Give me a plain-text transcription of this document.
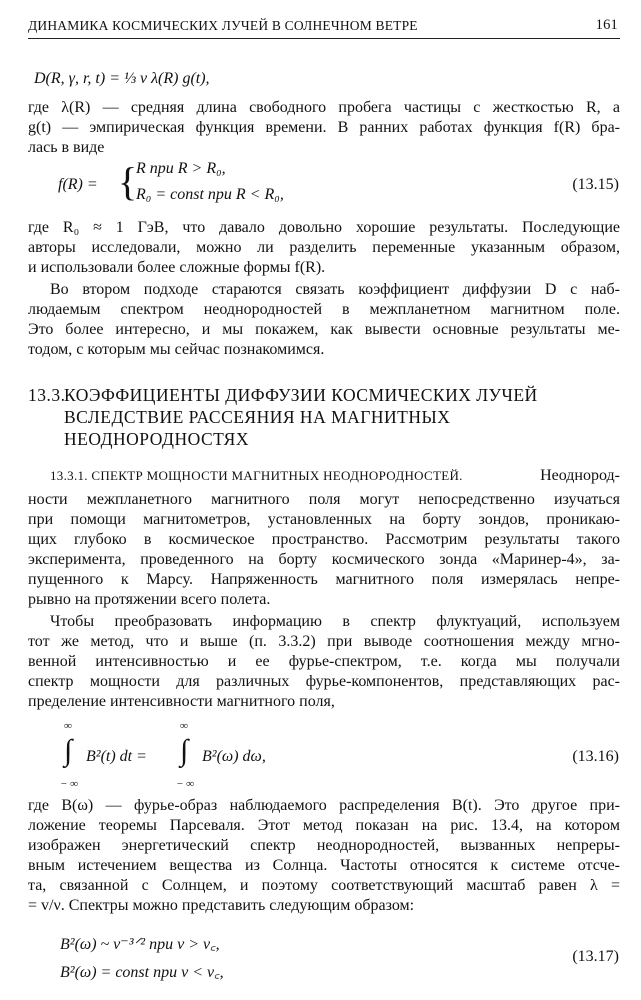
ДИНАМИКА КОСМИЧЕСКИХ ЛУЧЕЙ В СОЛНЕЧНОМ ВЕТРЕ	161
D(R, γ, r, t) = ⅓ v λ(R) g(t),
где λ(R) — средняя длина свободного пробега частицы с жесткостью R, а
g(t) — эмпирическая функция времени. В ранних работах функция f(R) бра-
лась в виде
f(R) = {
R при R > R₀,
R₀ = const при R < R₀,
(13.15)
где R₀ ≈ 1 ГэВ, что давало довольно хорошие результаты. Последующие
авторы исследовали, можно ли разделить переменные указанным образом,
и использовали более сложные формы f(R).
Во втором подходе стараются связать коэффициент диффузии D с наб-
людаемым спектром неоднородностей в межпланетном магнитном поле.
Это более интересно, и мы покажем, как вывести основные результаты ме-
тодом, с которым мы сейчас познакомимся.
13.3.
КОЭФФИЦИЕНТЫ ДИФФУЗИИ КОСМИЧЕСКИХ ЛУЧЕЙ
ВСЛЕДСТВИЕ РАССЕЯНИЯ НА МАГНИТНЫХ
НЕОДНОРОДНОСТЯХ
13.3.1. СПЕКТР МОЩНОСТИ МАГНИТНЫХ НЕОДНОРОДНОСТЕЙ.	Неоднород-
ности межпланетного магнитного поля могут непосредственно изучаться
при помощи магнитометров, установленных на борту зондов, проникаю-
щих глубоко в космическое пространство. Рассмотрим результаты такого
эксперимента, проведенного на борту космического зонда «Маринер-4», за-
пущенного к Марсу. Напряженность магнитного поля измерялась непре-
рывно на протяжении всего полета.
Чтобы преобразовать информацию в спектр флуктуаций, используем
тот же метод, что и выше (п. 3.3.2) при выводе соотношения между мгно-
венной интенсивностью и ее фурье-спектром, т.е. когда мы получали
спектр мощности для различных фурье-компонентов, представляющих рас-
пределение интенсивности магнитного поля,
∞
∫
− ∞
B²(t) dt =
∞
∫
− ∞
B²(ω) dω,	(13.16)
где B(ω) — фурье-образ наблюдаемого распределения B(t). Это другое при-
ложение теоремы Парсеваля. Этот метод показан на рис. 13.4, на котором
изображен энергетический спектр неоднородностей, вызванных непреры-
вным истечением вещества из Солнца. Частоты относятся к системе отсче-
та, связанной с Солнцем, и поэтому соответствующий масштаб равен λ =
= v/ν. Спектры можно представить следующим образом:
B²(ω) ~ ν⁻³ᐟ² при ν > ν꜀,
B²(ω) = const при ν < ν꜀,
(13.17)
